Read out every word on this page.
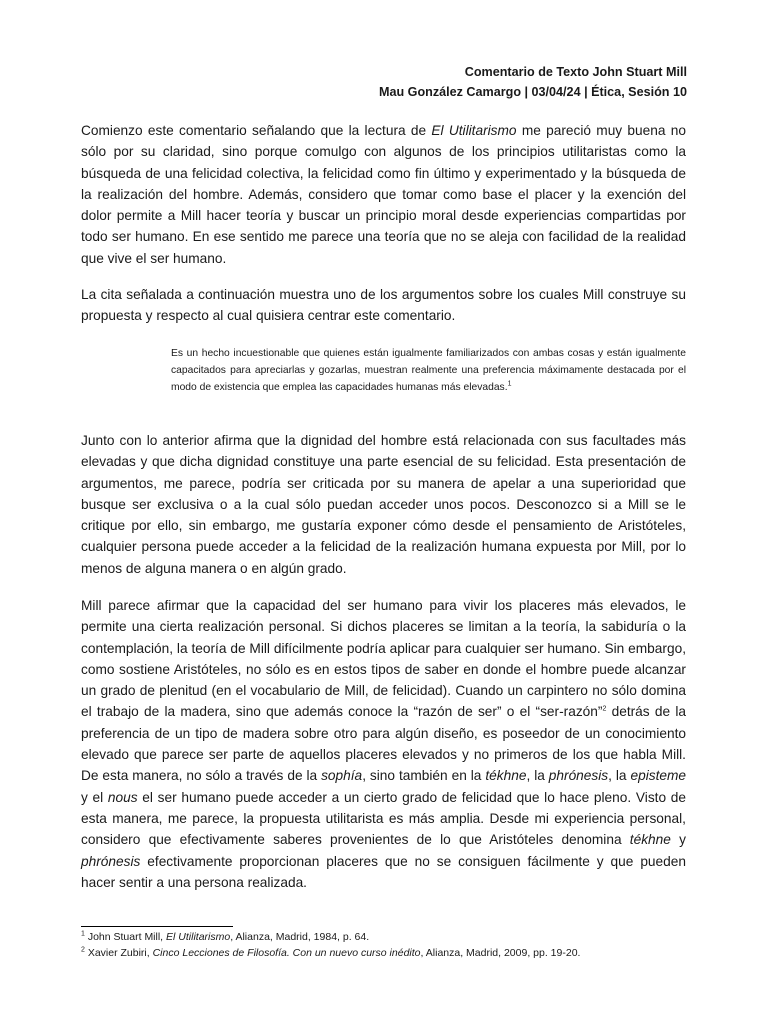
Comentario de Texto John Stuart Mill
Mau González Camargo | 03/04/24 | Ética, Sesión 10

Comienzo este comentario señalando que la lectura de El Utilitarismo me pareció muy buena no sólo por su claridad, sino porque comulgo con algunos de los principios utilitaristas como la búsqueda de una felicidad colectiva, la felicidad como fin último y experimentado y la búsqueda de la realización del hombre. Además, considero que tomar como base el placer y la exención del dolor permite a Mill hacer teoría y buscar un principio moral desde experiencias compartidas por todo ser humano. En ese sentido me parece una teoría que no se aleja con facilidad de la realidad que vive el ser humano.

La cita señalada a continuación muestra uno de los argumentos sobre los cuales Mill construye su propuesta y respecto al cual quisiera centrar este comentario.

Es un hecho incuestionable que quienes están igualmente familiarizados con ambas cosas y están igualmente capacitados para apreciarlas y gozarlas, muestran realmente una preferencia máximamente destacada por el modo de existencia que emplea las capacidades humanas más elevadas.$^1$

Junto con lo anterior afirma que la dignidad del hombre está relacionada con sus facultades más elevadas y que dicha dignidad constituye una parte esencial de su felicidad. Esta presentación de argumentos, me parece, podría ser criticada por su manera de apelar a una superioridad que busque ser exclusiva o a la cual sólo puedan acceder unos pocos. Desconozco si a Mill se le critique por ello, sin embargo, me gustaría exponer cómo desde el pensamiento de Aristóteles, cualquier persona puede acceder a la felicidad de la realización humana expuesta por Mill, por lo menos de alguna manera o en algún grado.

Mill parece afirmar que la capacidad del ser humano para vivir los placeres más elevados, le permite una cierta realización personal. Si dichos placeres se limitan a la teoría, la sabiduría o la contemplación, la teoría de Mill difícilmente podría aplicar para cualquier ser humano. Sin embargo, como sostiene Aristóteles, no sólo es en estos tipos de saber en donde el hombre puede alcanzar un grado de plenitud (en el vocabulario de Mill, de felicidad). Cuando un carpintero no sólo domina el trabajo de la madera, sino que además conoce la “razón de ser” o el “ser-razón”$^2$ detrás de la preferencia de un tipo de madera sobre otro para algún diseño, es poseedor de un conocimiento elevado que parece ser parte de aquellos placeres elevados y no primeros de los que habla Mill. De esta manera, no sólo a través de la sophía, sino también en la tékhne, la phrónesis, la episteme y el nous el ser humano puede acceder a un cierto grado de felicidad que lo hace pleno. Visto de esta manera, me parece, la propuesta utilitarista es más amplia. Desde mi experiencia personal, considero que efectivamente saberes provenientes de lo que Aristóteles denomina tékhne y phrónesis efectivamente proporcionan placeres que no se consiguen fácilmente y que pueden hacer sentir a una persona realizada.

$^1$ John Stuart Mill, El Utilitarismo, Alianza, Madrid, 1984, p. 64.
$^2$ Xavier Zubiri, Cinco Lecciones de Filosofía. Con un nuevo curso inédito, Alianza, Madrid, 2009, pp. 19-20.
